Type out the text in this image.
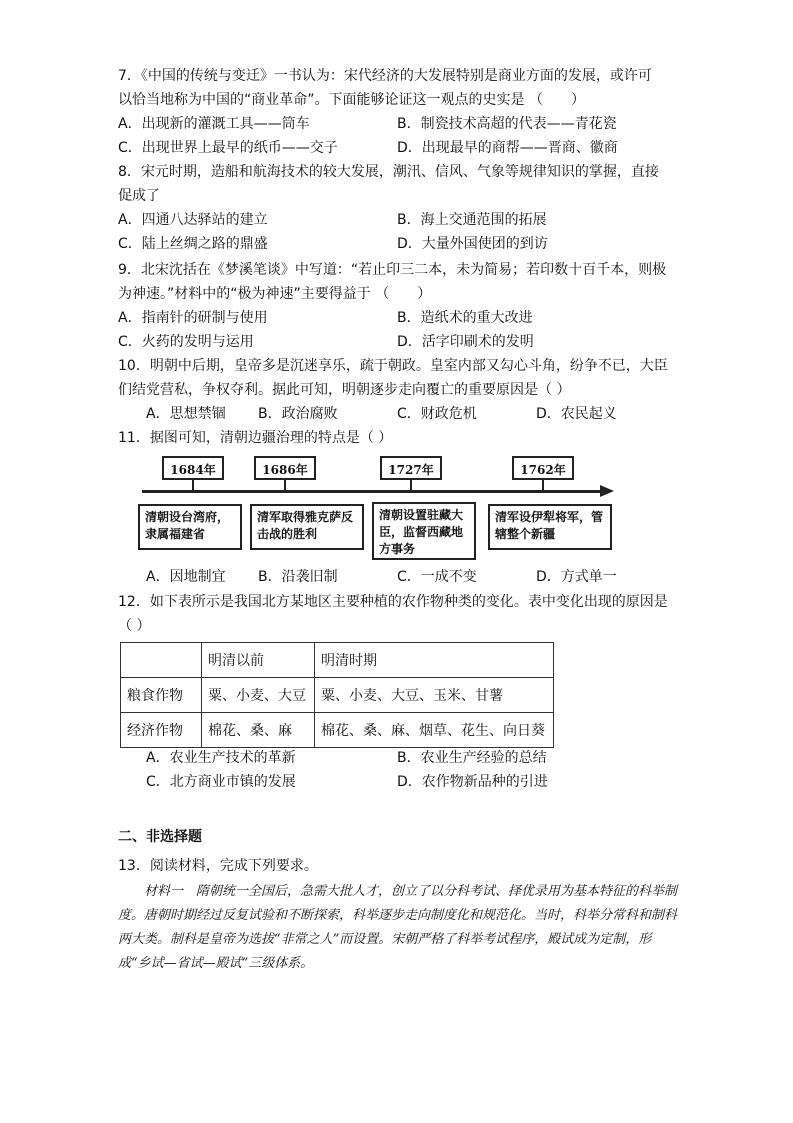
7．《中国的传统与变迁》一书认为：宋代经济的大发展特别是商业方面的发展，或许可
以恰当地称为中国的“商业革命”。下面能够论证这一观点的史实是 （　　）
A．出现新的灌溉工具——筒车	B．制瓷技术高超的代表——青花瓷
C．出现世界上最早的纸币——交子	D．出现最早的商帮——晋商、徽商
8．宋元时期，造船和航海技术的较大发展，潮汛、信风、气象等规律知识的掌握，直接
促成了
A．四通八达驿站的建立	B．海上交通范围的拓展
C．陆上丝绸之路的鼎盛	D．大量外国使团的到访
9．北宋沈括在《梦溪笔谈》中写道：“若止印三二本，未为简易；若印数十百千本，则极
为神速。”材料中的“极为神速”主要得益于 （　　）
A．指南针的研制与使用	B．造纸术的重大改进
C．火药的发明与运用	D．活字印刷术的发明
10．明朝中后期，皇帝多是沉迷享乐，疏于朝政。皇室内部又勾心斗角，纷争不已，大臣
们结党营私，争权夺利。据此可知，明朝逐步走向覆亡的重要原因是（ ）
A．思想禁锢 B．政治腐败	C．财政危机	D．农民起义
11．据图可知，清朝边疆治理的特点是（ ）
1684年	1686年	1727年	1762年
清朝设台湾府，隶属福建省
清军取得雅克萨反击战的胜利
清朝设置驻藏大臣，监督西藏地方事务
清军设伊犁将军，管辖整个新疆
A．因地制宜 B．沿袭旧制	C．一成不变	D．方式单一
12．如下表所示是我国北方某地区主要种植的农作物种类的变化。表中变化出现的原因是
（ ）
	明清以前	明清时期
粮食作物	粟、小麦、大豆	粟、小麦、大豆、玉米、甘薯
经济作物	棉花、桑、麻	棉花、桑、麻、烟草、花生、向日葵
A．农业生产技术的革新	B．农业生产经验的总结
C．北方商业市镇的发展	D．农作物新品种的引进
二、非选择题
13．阅读材料，完成下列要求。
材料一　隋朝统一全国后，急需大批人才，创立了以分科考试、择优录用为基本特征的科举制度。唐朝时期经过反复试验和不断探索，科举逐步走向制度化和规范化。当时，科举分常科和制科两大类。制科是皇帝为选拔“非常之人”而设置。宋朝严格了科举考试程序，殿试成为定制，形成“乡试—省试—殿试”三级体系。
